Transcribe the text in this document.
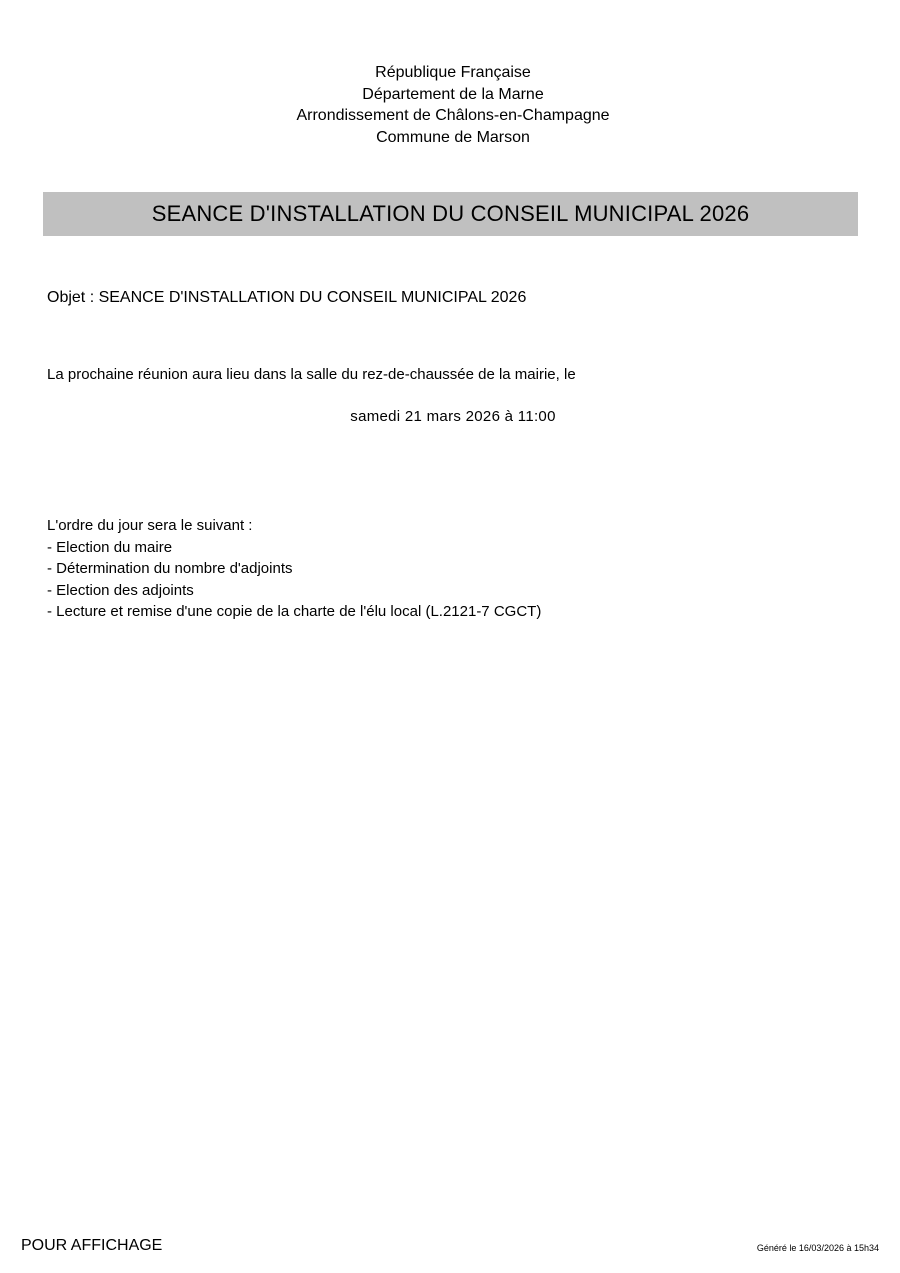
République Française
Département de la Marne
Arrondissement de Châlons-en-Champagne
Commune de Marson
SEANCE D'INSTALLATION DU CONSEIL MUNICIPAL 2026
Objet : SEANCE D'INSTALLATION DU CONSEIL MUNICIPAL 2026
La prochaine réunion aura lieu dans la salle du rez-de-chaussée de la mairie, le
samedi 21 mars 2026 à 11:00
L'ordre du jour sera le suivant :
- Election du maire
- Détermination du nombre d'adjoints
- Election des adjoints
- Lecture et remise d'une copie de la charte de l'élu local (L.2121-7 CGCT)
POUR AFFICHAGE	Généré le 16/03/2026 à 15h34
